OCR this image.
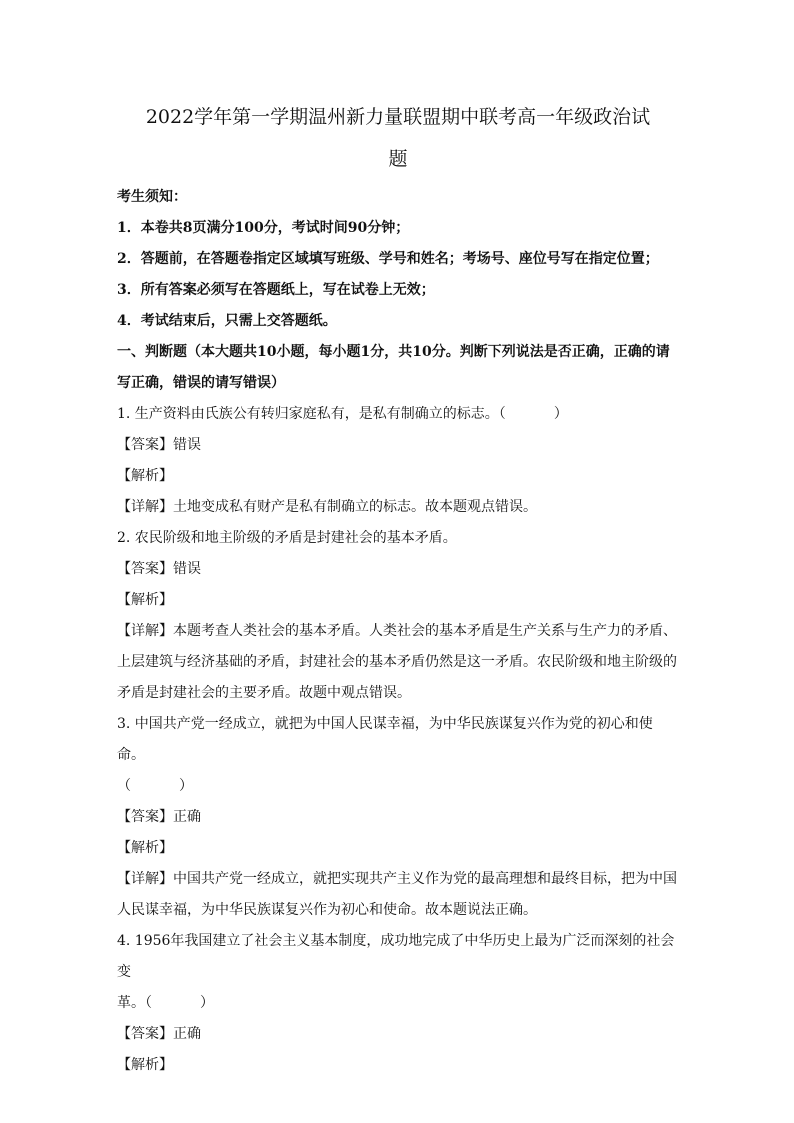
2022学年第一学期温州新力量联盟期中联考高一年级政治试
题

考生须知：

1．本卷共8页满分100分，考试时间90分钟；

2．答题前，在答题卷指定区域填写班级、学号和姓名；考场号、座位号写在指定位置；

3．所有答案必须写在答题纸上，写在试卷上无效；

4．考试结束后，只需上交答题纸。

一、判断题（本大题共10小题，每小题1分，共10分。判断下列说法是否正确，正确的请

写正确，错误的请写错误）

1. 生产资料由氏族公有转归家庭私有，是私有制确立的标志。（	）

【答案】错误

【解析】

【详解】土地变成私有财产是私有制确立的标志。故本题观点错误。

2. 农民阶级和地主阶级的矛盾是封建社会的基本矛盾。

【答案】错误

【解析】

【详解】本题考查人类社会的基本矛盾。人类社会的基本矛盾是生产关系与生产力的矛盾、

上层建筑与经济基础的矛盾，封建社会的基本矛盾仍然是这一矛盾。农民阶级和地主阶级的

矛盾是封建社会的主要矛盾。故题中观点错误。

3. 中国共产党一经成立，就把为中国人民谋幸福，为中华民族谋复兴作为党的初心和使命。

（	）

【答案】正确

【解析】

【详解】中国共产党一经成立，就把实现共产主义作为党的最高理想和最终目标，把为中国

人民谋幸福，为中华民族谋复兴作为初心和使命。故本题说法正确。

4. 1956年我国建立了社会主义基本制度，成功地完成了中华历史上最为广泛而深刻的社会变

革。（	）

【答案】正确

【解析】
